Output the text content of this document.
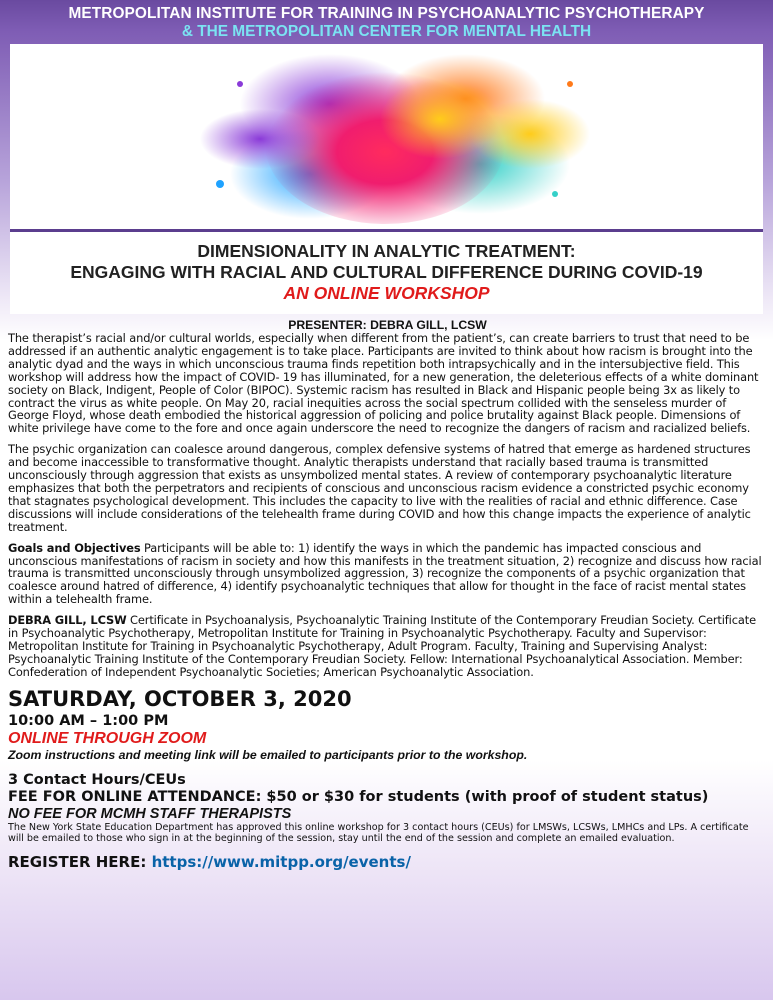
METROPOLITAN INSTITUTE FOR TRAINING IN PSYCHOANALYTIC PSYCHOTHERAPY
& THE METROPOLITAN CENTER FOR MENTAL HEALTH
DIMENSIONALITY IN ANALYTIC TREATMENT:
ENGAGING WITH RACIAL AND CULTURAL DIFFERENCE DURING COVID-19
AN ONLINE WORKSHOP
PRESENTER: DEBRA GILL, LCSW

The therapist’s racial and/or cultural worlds, especially when different from the patient’s, can create barriers to trust that need to be addressed if an authentic analytic engagement is to take place. Participants are invited to think about how racism is brought into the analytic dyad and the ways in which unconscious trauma finds repetition both intrapsychically and in the intersubjective field. This workshop will address how the impact of COVID- 19 has illuminated, for a new generation, the deleterious effects of a white dominant society on Black, Indigent, People of Color (BIPOC). Systemic racism has resulted in Black and Hispanic people being 3x as likely to contract the virus as white people. On May 20, racial inequities across the social spectrum collided with the senseless murder of George Floyd, whose death embodied the historical aggression of policing and police brutality against Black people. Dimensions of white privilege have come to the fore and once again underscore the need to recognize the dangers of racism and racialized beliefs.

The psychic organization can coalesce around dangerous, complex defensive systems of hatred that emerge as hardened structures and become inaccessible to transformative thought. Analytic therapists understand that racially based trauma is transmitted unconsciously through aggression that exists as unsymbolized mental states. A review of contemporary psychoanalytic literature emphasizes that both the perpetrators and recipients of conscious and unconscious racism evidence a constricted psychic economy that stagnates psychological development. This includes the capacity to live with the realities of racial and ethnic difference. Case discussions will include considerations of the telehealth frame during COVID and how this change impacts the experience of analytic treatment.

Goals and Objectives Participants will be able to: 1) identify the ways in which the pandemic has impacted conscious and unconscious manifestations of racism in society and how this manifests in the treatment situation, 2) recognize and discuss how racial trauma is transmitted unconsciously through unsymbolized aggression, 3) recognize the components of a psychic organization that coalesce around hatred of difference, 4) identify psychoanalytic techniques that allow for thought in the face of racist mental states within a telehealth frame.

DEBRA GILL, LCSW Certificate in Psychoanalysis, Psychoanalytic Training Institute of the Contemporary Freudian Society. Certificate in Psychoanalytic Psychotherapy, Metropolitan Institute for Training in Psychoanalytic Psychotherapy. Faculty and Supervisor: Metropolitan Institute for Training in Psychoanalytic Psychotherapy, Adult Program. Faculty, Training and Supervising Analyst: Psychoanalytic Training Institute of the Contemporary Freudian Society. Fellow: International Psychoanalytical Association. Member: Confederation of Independent Psychoanalytic Societies; American Psychoanalytic Association.

SATURDAY, OCTOBER 3, 2020
10:00 AM – 1:00 PM
ONLINE THROUGH ZOOM
Zoom instructions and meeting link will be emailed to participants prior to the workshop.
3 Contact Hours/CEUs
FEE FOR ONLINE ATTENDANCE: $50 or $30 for students (with proof of student status)
NO FEE FOR MCMH STAFF THERAPISTS
The New York State Education Department has approved this online workshop for 3 contact hours (CEUs) for LMSWs, LCSWs, LMHCs and LPs. A certificate will be emailed to those who sign in at the beginning of the session, stay until the end of the session and complete an emailed evaluation.
REGISTER HERE: https://www.mitpp.org/events/
